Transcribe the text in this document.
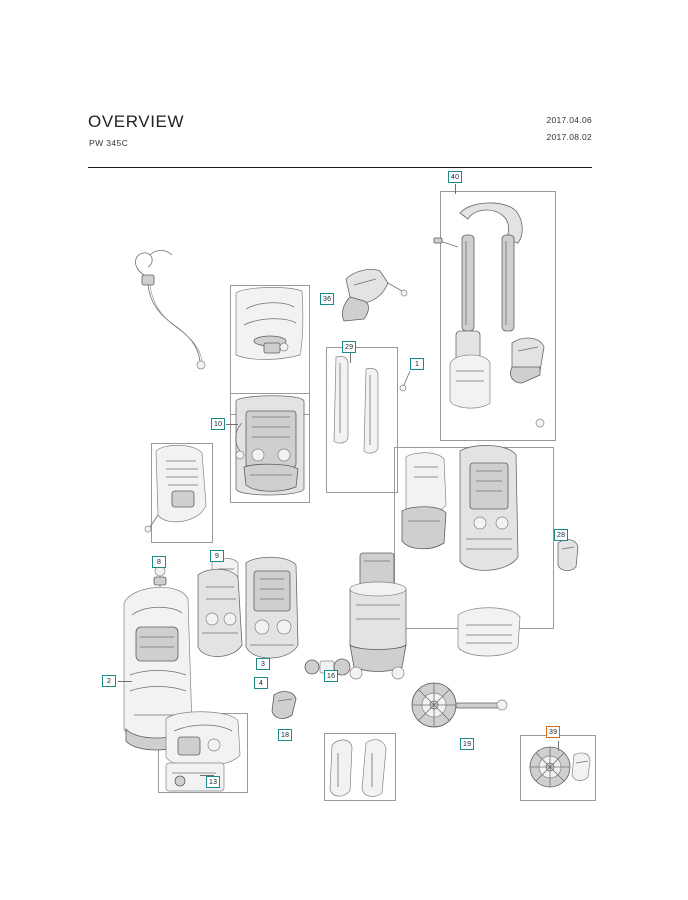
OVERVIEW
PW 345C
2017.04.06
2017.08.02
40
36
29
1
10
28
8
9
2
3
4
16
18
13
19
39
